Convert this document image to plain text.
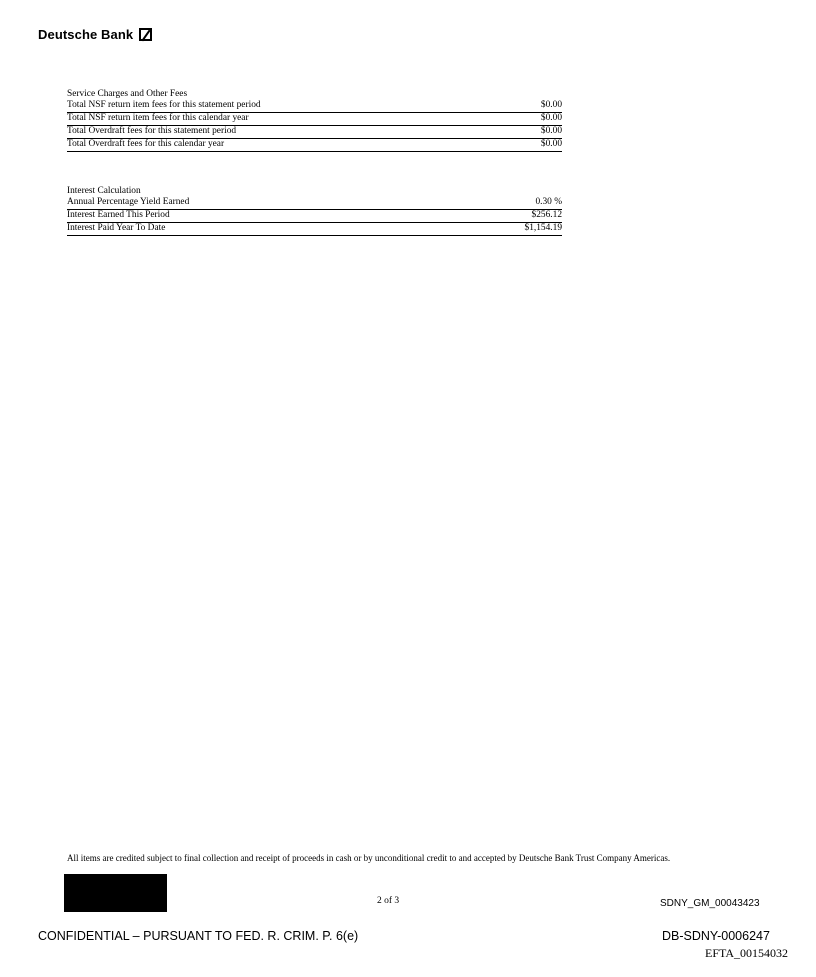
Deutsche Bank
Service Charges and Other Fees
Total NSF return item fees for this statement period	$0.00
Total NSF return item fees for this calendar year	$0.00
Total Overdraft fees for this statement period	$0.00
Total Overdraft fees for this calendar year	$0.00
Interest Calculation
Annual Percentage Yield Earned	0.30 %
Interest Earned This Period	$256.12
Interest Paid Year To Date	$1,154.19
All items are credited subject to final collection and receipt of proceeds in cash or by unconditional credit to and accepted by Deutsche Bank Trust Company Americas.
2 of 3	SDNY_GM_00043423
CONFIDENTIAL – PURSUANT TO FED. R. CRIM. P. 6(e)	DB-SDNY-0006247
EFTA_00154032
